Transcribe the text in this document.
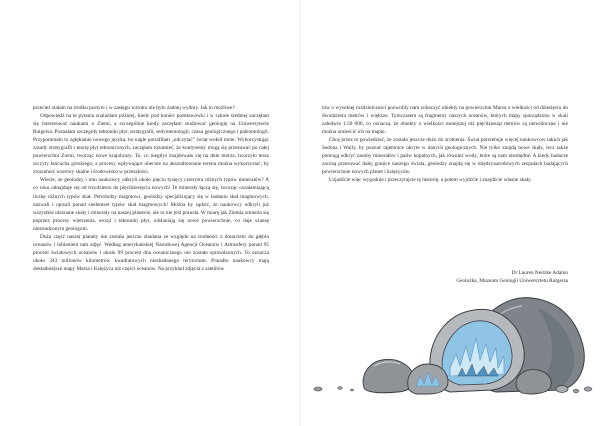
przecież stałam na środku pustyni i w zasięgu wzroku nie było żadnej wydmy. Jak to możliwe?

Odpowiedź na te pytania znalazłam później, kiedy pod koniec podstawówki i w szkole średniej zaczęłam się interesować naukami o Ziemi, a szczególnie kiedy zaczęłam studiować geologię na Uniwersytecie Rutgersa. Poznałam szczegóły tektoniki płyt, stratygrafii, sedymentologii, czasu geologicznego i paleontologii. Przypominało to zgłębianie nowego języka, bo nagle potrafiłam „odczytać” świat wokół mnie. Wykorzystując zasady stratygrafii i teorię płyt tektonicznych, zaczęłam rozumieć, że kontynenty mogą się przesuwać po całej powierzchni Ziemi, tworząc nowe krajobrazy. To, co niegdyś znajdowało się na dnie morza, tworzyło teraz szczyty łańcucha górskiego, a procesy wpływające obecnie na ukształtowanie terenu można wykorzystać, by zrozumieć warstwy skalne i środowisko w przeszłości.

Wiecie, że geolodzy i inni naukowcy odkryli około pięciu tysięcy czterystu różnych typów minerałów? A co roku odnajduje się od trzydziestu do pięćdziesięciu nowych! Te minerały łączą się, tworząc oszałamiającą liczbę różnych typów skał. Petrolodzy magmowi, geolodzy specjalizujący się w badaniu skał magmowych, nazwali i opisali ponad siedemset typów skał magmowych! Można by sądzić, że naukowcy odkryli już wszystkie nieznane skały i minerały na naszej planecie, ale to nie jest prawda. W miarę jak Ziemia zmienia się poprzez procesy wietrzenia, erozji i tektoniki płyt, odsłaniają się nowe powierzchnie, co daje szansę nieznudzonym geologom.

Duża część naszej planety nie została jeszcze zbadana ze względu na trudności z dotarciem do głębin oceanów i lobieniem tam zdjęć. Według amerykańskiej Narodowej Agencji Oceanów i Atmosfery ponad 95 procent światowych oceanów i około 99 procent dna oceanicznego nie zostało sprawdzonych. To oznacza około 343 milionów kilometrów kwadratowych niezbadanego terytorium. Ponadto naukowcy mają dokładniejsze mapy Marsa i Księżyca niż części oceanów. Na przykład zdjęcia z satelitów

tów o wysokiej rozdzielczości pozwoliły nam zobaczyć obiekty na powierzchni Marsa o wielkości od dziesięciu do dwudziestu metrów i większe. Tymczasem są fragmenty naszych oceanów, których mapy sporządzono w skali zaledwie 1:50 000, co oznacza, że obiekty o wielkości mniejszej niż pięćdziesiąt metrów są niewidoczne i nie można umieścić ich na mapie.

Chcę przez to powiedzieć, że zostało jeszcze dużo do zrobienia. Świat potrzebuje więcej naukowców takich jak Sedona i Wally, by poznać tajemnice ukryte w danych geologicznych. Nie tylko znajdą nowe skały, lecz także pomogą odkryć zasoby minerałów i paliw kopalnych, jak również wody, które są nam niezbędne. A kiedy badacze zaczną przesuwać dalej granice naszego świata, geolodzy znajdą się w międzynarodowych zespołach badających powierzchnie nowych planet i księżyców.

Uzjadźcie więc wygodnie i przeczytajcie tę historię, a potem wyjdźcie i znajdźcie własne skały.

Dr Lauren Neitzke Adamo
Geolożka, Muzeum Geologii Uniwersytetu Rutgersa
